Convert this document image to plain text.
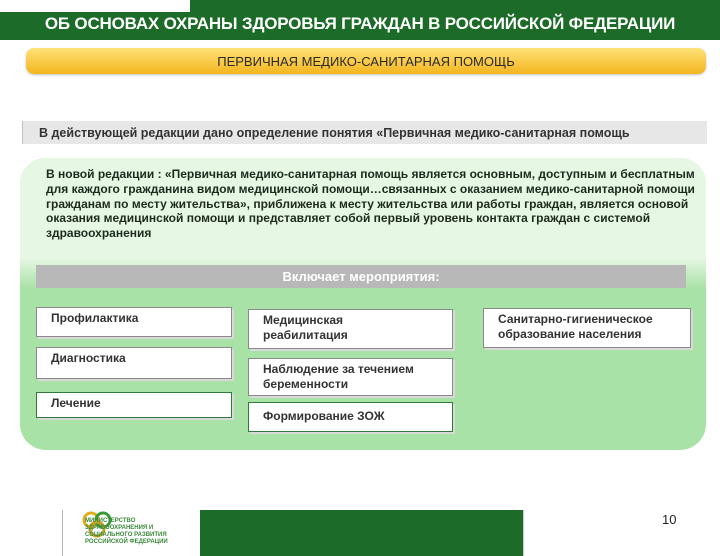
ОБ ОСНОВАХ ОХРАНЫ ЗДОРОВЬЯ ГРАЖДАН В РОССИЙСКОЙ ФЕДЕРАЦИИ
ПЕРВИЧНАЯ МЕДИКО-САНИТАРНАЯ ПОМОЩЬ
В действующей редакции дано определение понятия «Первичная медико-санитарная помощь

В новой редакции : «Первичная медико-санитарная помощь является основным, доступным и бесплатным для каждого гражданина видом медицинской помощи…связанных с оказанием медико-санитарной помощи гражданам по месту жительства», приближена к месту жительства или работы граждан, является основой оказания медицинской помощи и представляет собой первый уровень контакта граждан с системой здравоохранения

Включает мероприятия:
Профилактика
Диагностика
Лечение
Медицинская реабилитация
Наблюдение за течением беременности
Формирование ЗОЖ
Санитарно-гигиеническое образование населения
МИНИСТЕРСТВО ЗДРАВООХРАНЕНИЯ И СОЦИАЛЬНОГО РАЗВИТИЯ РОССИЙСКОЙ ФЕДЕРАЦИИ
10
